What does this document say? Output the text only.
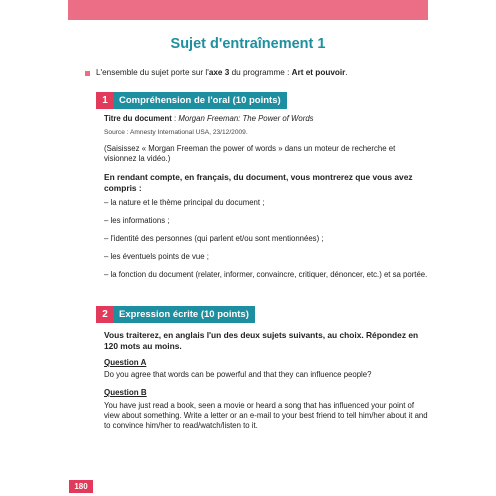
Sujet d'entraînement 1
L'ensemble du sujet porte sur l'axe 3 du programme : Art et pouvoir.
1	Compréhension de l'oral (10 points)
Titre du document : Morgan Freeman: The Power of Words
Source : Amnesty International USA, 23/12/2009.
(Saisissez « Morgan Freeman the power of words » dans un moteur de recherche et visionnez la vidéo.)
En rendant compte, en français, du document, vous montrerez que vous avez compris :

– la nature et le thème principal du document ;

– les informations ;

– l'identité des personnes (qui parlent et/ou sont mentionnées) ;

– les éventuels points de vue ;

– la fonction du document (relater, informer, convaincre, critiquer, dénoncer, etc.) et sa portée.

2	Expression écrite (10 points)
Vous traiterez, en anglais l'un des deux sujets suivants, au choix. Répondez en 120 mots au moins.
Question A
Do you agree that words can be powerful and that they can influence people?
Question B
You have just read a book, seen a movie or heard a song that has influenced your point of view about something. Write a letter or an e-mail to your best friend to tell him/her about it and to convince him/her to read/watch/listen to it.
180
